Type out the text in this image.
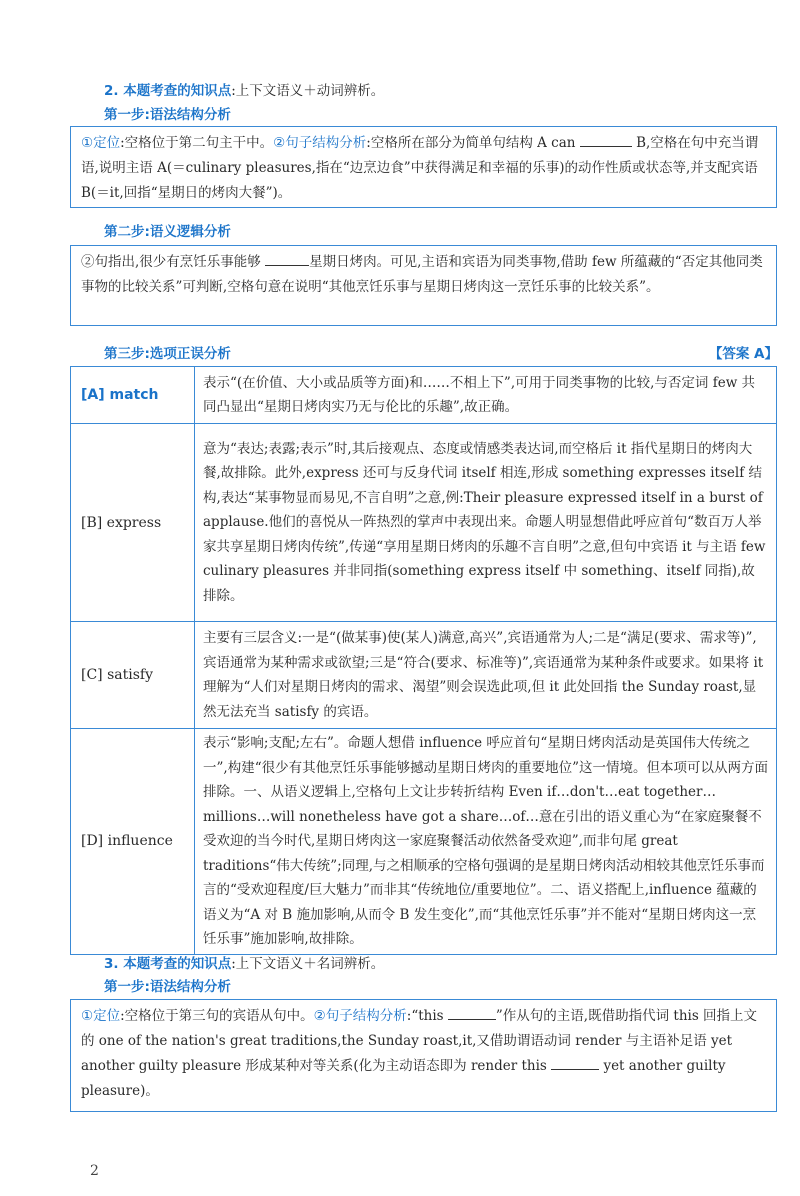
2. 本题考查的知识点:上下文语义＋动词辨析。
第一步:语法结构分析
①定位:空格位于第二句主干中。②句子结构分析:空格所在部分为简单句结构 A can	B,空格在句中充当谓语,说明主语 A(＝culinary pleasures,指在“边烹边食”中获得满足和幸福的乐事)的动作性质或状态等,并支配宾语 B(＝it,回指“星期日的烤肉大餐”)。
第二步:语义逻辑分析
②句指出,很少有烹饪乐事能够	星期日烤肉。可见,主语和宾语为同类事物,借助 few 所蕴藏的“否定其他同类事物的比较关系”可判断,空格句意在说明“其他烹饪乐事与星期日烤肉这一烹饪乐事的比较关系”。
第三步:选项正误分析	【答案 A】
[A] match	表示“(在价值、大小或品质等方面)和……不相上下”,可用于同类事物的比较,与否定词 few 共同凸显出“星期日烤肉实乃无与伦比的乐趣”,故正确。
[B] express	意为“表达;表露;表示”时,其后接观点、态度或情感类表达词,而空格后 it 指代星期日的烤肉大餐,故排除。此外,express 还可与反身代词 itself 相连,形成 something expresses itself 结构,表达“某事物显而易见,不言自明”之意,例:Their pleasure expressed itself in a burst of applause.他们的喜悦从一阵热烈的掌声中表现出来。命题人明显想借此呼应首句“数百万人举家共享星期日烤肉传统”,传递“享用星期日烤肉的乐趣不言自明”之意,但句中宾语 it 与主语 few culinary pleasures 并非同指(something express itself 中 something、itself 同指),故排除。
[C] satisfy	主要有三层含义:一是“(做某事)使(某人)满意,高兴”,宾语通常为人;二是“满足(要求、需求等)”,宾语通常为某种需求或欲望;三是“符合(要求、标准等)”,宾语通常为某种条件或要求。如果将 it 理解为“人们对星期日烤肉的需求、渴望”则会误选此项,但 it 此处回指 the Sunday roast,显然无法充当 satisfy 的宾语。
[D] influence	表示“影响;支配;左右”。命题人想借 influence 呼应首句“星期日烤肉活动是英国伟大传统之一”,构建“很少有其他烹饪乐事能够撼动星期日烤肉的重要地位”这一情境。但本项可以从两方面排除。一、从语义逻辑上,空格句上文让步转折结构 Even if…don't…eat together…millions…will nonetheless have got a share…of…意在引出的语义重心为“在家庭聚餐不受欢迎的当今时代,星期日烤肉这一家庭聚餐活动依然备受欢迎”,而非句尾 great traditions“伟大传统”;同理,与之相顺承的空格句强调的是星期日烤肉活动相较其他烹饪乐事而言的“受欢迎程度/巨大魅力”而非其“传统地位/重要地位”。二、语义搭配上,influence 蕴藏的语义为“A 对 B 施加影响,从而令 B 发生变化”,而“其他烹饪乐事”并不能对“星期日烤肉这一烹饪乐事”施加影响,故排除。
3. 本题考查的知识点:上下文语义＋名词辨析。
第一步:语法结构分析
①定位:空格位于第三句的宾语从句中。②句子结构分析:“this	”作从句的主语,既借助指代词 this 回指上文的 one of the nation's great traditions,the Sunday roast,it,又借助谓语动词 render 与主语补足语 yet another guilty pleasure 形成某种对等关系(化为主动语态即为 render this	yet another guilty pleasure)。
2
